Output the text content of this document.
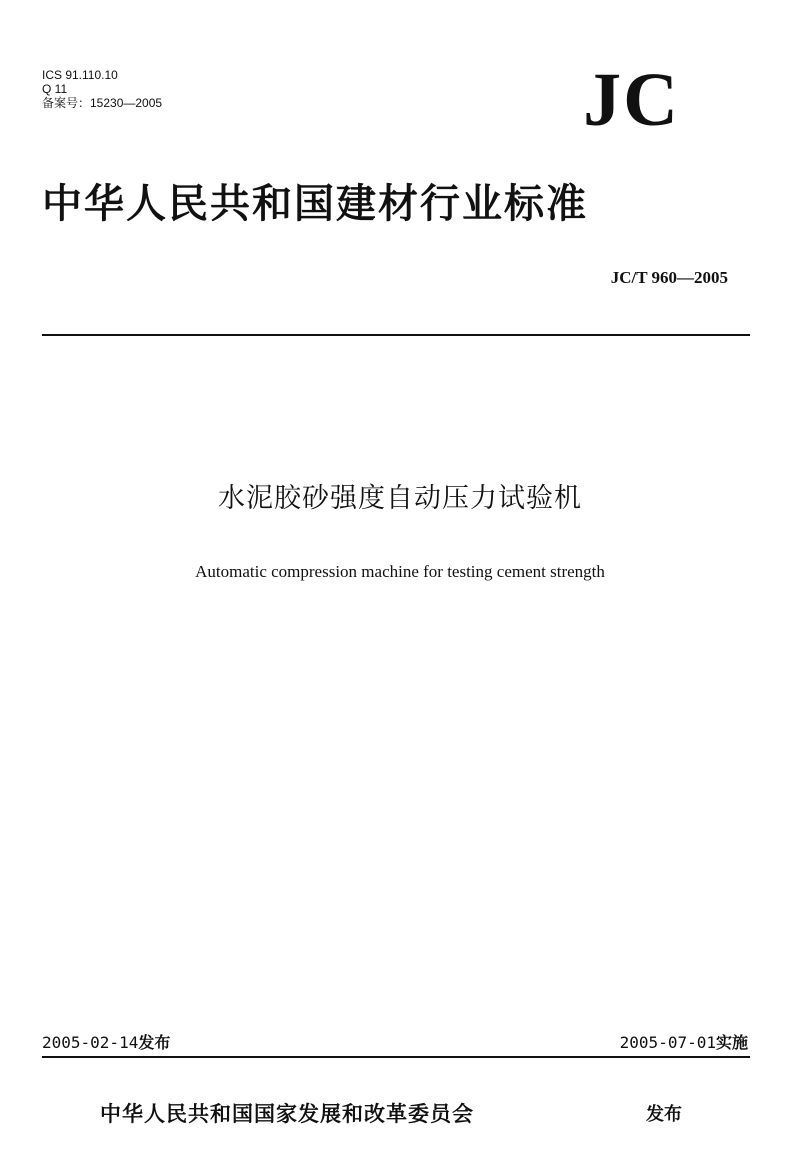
ICS 91.110.10
Q 11
备案号：15230—2005	JC
中华人民共和国建材行业标准
JC/T 960—2005
水泥胶砂强度自动压力试验机
Automatic compression machine for testing cement strength
2005-02-14发布	2005-07-01实施
中华人民共和国国家发展和改革委员会	发布
